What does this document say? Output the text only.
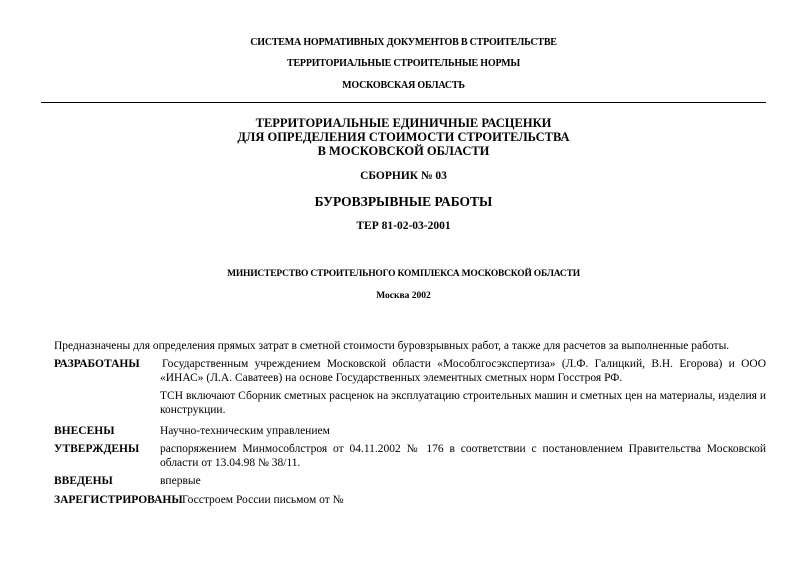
СИСТЕМА НОРМАТИВНЫХ ДОКУМЕНТОВ В СТРОИТЕЛЬСТВЕ
ТЕРРИТОРИАЛЬНЫЕ СТРОИТЕЛЬНЫЕ НОРМЫ
МОСКОВСКАЯ ОБЛАСТЬ
ТЕРРИТОРИАЛЬНЫЕ ЕДИНИЧНЫЕ РАСЦЕНКИ
ДЛЯ ОПРЕДЕЛЕНИЯ СТОИМОСТИ СТРОИТЕЛЬСТВА
В МОСКОВСКОЙ ОБЛАСТИ
СБОРНИК № 03
БУРОВЗРЫВНЫЕ РАБОТЫ
ТЕР 81-02-03-2001
МИНИСТЕРСТВО СТРОИТЕЛЬНОГО КОМПЛЕКСА МОСКОВСКОЙ ОБЛАСТИ
Москва 2002
Предназначены для определения прямых затрат в сметной стоимости буровзрывных работ, а также для расчетов за выполненные работы.
РАЗРАБОТАНЫ Государственным учреждением Московской области «Мособлгосэкспертиза» (Л.Ф. Галицкий, В.Н. Егорова) и ООО «ИНАС» (Л.А. Саватеев) на основе Государственных элементных сметных норм Госстроя РФ.
ТСН включают Сборник сметных расценок на эксплуатацию строительных машин и сметных цен на материалы, изделия и конструкции.
ВНЕСЕНЫ	Научно-техническим управлением
УТВЕРЖДЕНЫ распоряжением Минмособлстроя от 04.11.2002 № 176 в соответствии с постановлением Правительства Московской области от 13.04.98 № 38/11.
ВВЕДЕНЫ	впервые
ЗАРЕГИСТРИРОВАНЫ Госстроем России письмом от №
